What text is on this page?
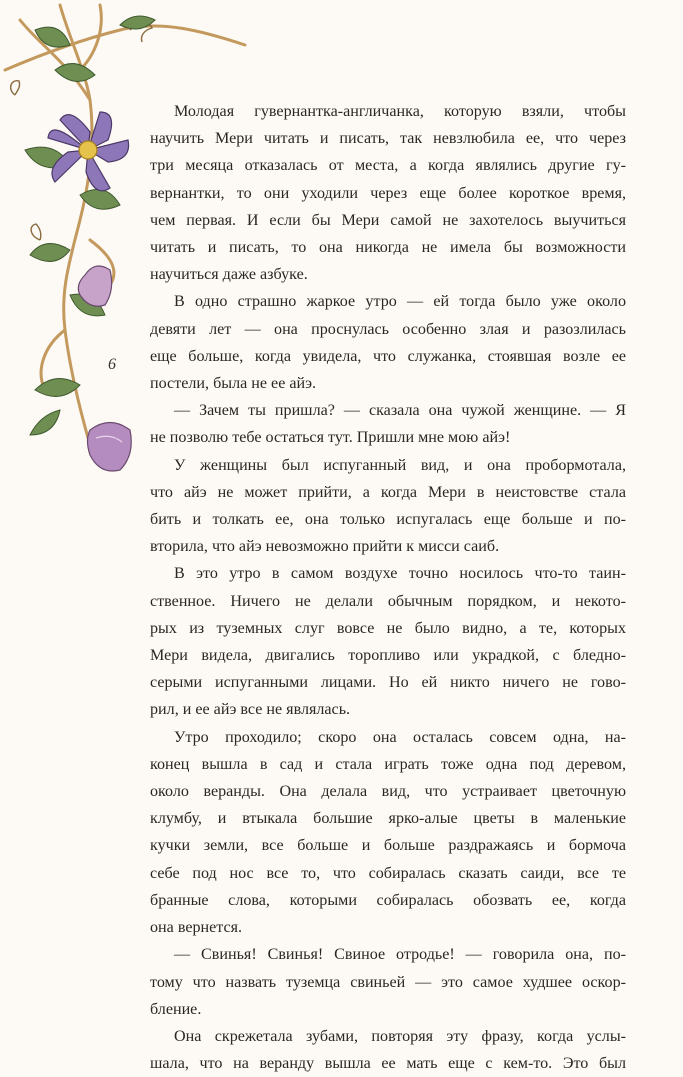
6

Молодая гувернантка-англичанка, которую взяли, чтобы
научить Мери читать и писать, так невзлюбила ее, что через
три месяца отказалась от места, а когда являлись другие гу-
вернантки, то они уходили через еще более короткое время,
чем первая. И если бы Мери самой не захотелось выучиться
читать и писать, то она никогда не имела бы возможности

научиться даже азбуке.

В одно страшно жаркое утро — ей тогда было уже около
девяти лет — она проснулась особенно злая и разозлилась
еще больше, когда увидела, что служанка, стоявшая возле ее

постели, была не ее айэ.

— Зачем ты пришла? — сказала она чужой женщине. — Я

не позволю тебе остаться тут. Пришли мне мою айэ!

У женщины был испуганный вид, и она пробормотала,
что айэ не может прийти, а когда Мери в неистовстве стала
бить и толкать ее, она только испугалась еще больше и по-

вторила, что айэ невозможно прийти к мисси саиб.

В это утро в самом воздухе точно носилось что-то таин-
ственное. Ничего не делали обычным порядком, и некото-
рых из туземных слуг вовсе не было видно, а те, которых
Мери видела, двигались торопливо или украдкой, с бледно-
серыми испуганными лицами. Но ей никто ничего не гово-

рил, и ее айэ все не являлась.

Утро проходило; скоро она осталась совсем одна, на-
конец вышла в сад и стала играть тоже одна под деревом,
около веранды. Она делала вид, что устраивает цветочную
клумбу, и втыкала большие ярко-алые цветы в маленькие
кучки земли, все больше и больше раздражаясь и бормоча
себе под нос все то, что собиралась сказать саиди, все те
бранные слова, которыми собиралась обозвать ее, когда

она вернется.

— Свинья! Свинья! Свиное отродье! — говорила она, по-
тому что назвать туземца свиньей — это самое худшее оскор-

бление.

Она скрежетала зубами, повторяя эту фразу, когда услы-
шала, что на веранду вышла ее мать еще с кем-то. Это был
